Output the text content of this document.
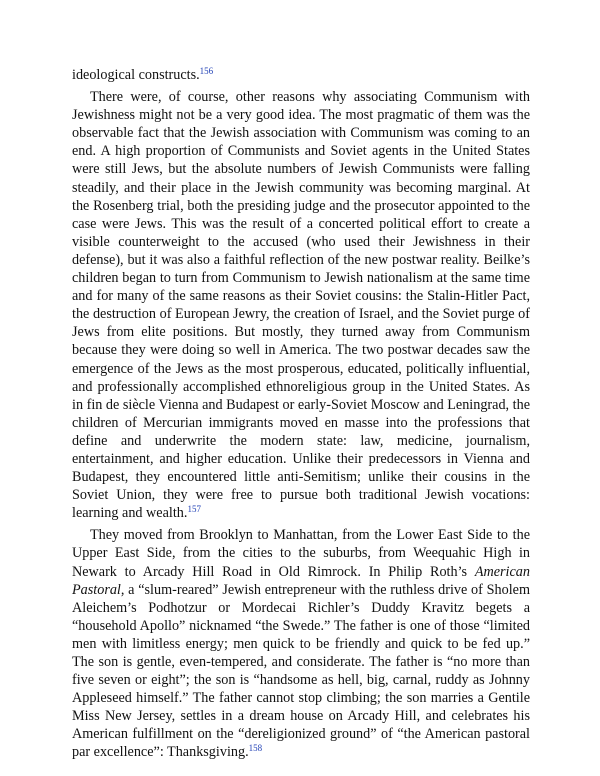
ideological constructs.$^{156}$

There were, of course, other reasons why associating Communism with Jewishness might not be a very good idea. The most pragmatic of them was the observable fact that the Jewish association with Communism was coming to an end. A high proportion of Communists and Soviet agents in the United States were still Jews, but the absolute numbers of Jewish Communists were falling steadily, and their place in the Jewish community was becoming marginal. At the Rosenberg trial, both the presiding judge and the prosecutor appointed to the case were Jews. This was the result of a concerted political effort to create a visible counterweight to the accused (who used their Jewishness in their defense), but it was also a faithful reflection of the new postwar reality. Beilke’s children began to turn from Communism to Jewish nationalism at the same time and for many of the same reasons as their Soviet cousins: the Stalin-Hitler Pact, the destruction of European Jewry, the creation of Israel, and the Soviet purge of Jews from elite positions. But mostly, they turned away from Communism because they were doing so well in America. The two postwar decades saw the emergence of the Jews as the most prosperous, educated, politically influential, and professionally accomplished ethnoreligious group in the United States. As in fin de siècle Vienna and Budapest or early-Soviet Moscow and Leningrad, the children of Mercurian immigrants moved en masse into the professions that define and underwrite the modern state: law, medicine, journalism, entertainment, and higher education. Unlike their predecessors in Vienna and Budapest, they encountered little anti-Semitism; unlike their cousins in the Soviet Union, they were free to pursue both traditional Jewish vocations: learning and wealth.$^{157}$

They moved from Brooklyn to Manhattan, from the Lower East Side to the Upper East Side, from the cities to the suburbs, from Weequahic High in Newark to Arcady Hill Road in Old Rimrock. In Philip Roth’s American Pastoral, a “slum-reared” Jewish entrepreneur with the ruthless drive of Sholem Aleichem’s Podhotzur or Mordecai Richler’s Duddy Kravitz begets a “household Apollo” nicknamed “the Swede.” The father is one of those “limited men with limitless energy; men quick to be friendly and quick to be fed up.” The son is gentle, even-tempered, and considerate. The father is “no more than five seven or eight”; the son is “handsome as hell, big, carnal, ruddy as Johnny Appleseed himself.” The father cannot stop climbing; the son marries a Gentile Miss New Jersey, settles in a dream house on Arcady Hill, and celebrates his American fulfillment on the “dereligionized ground” of “the American pastoral par excellence”: Thanksgiving.$^{158}$
